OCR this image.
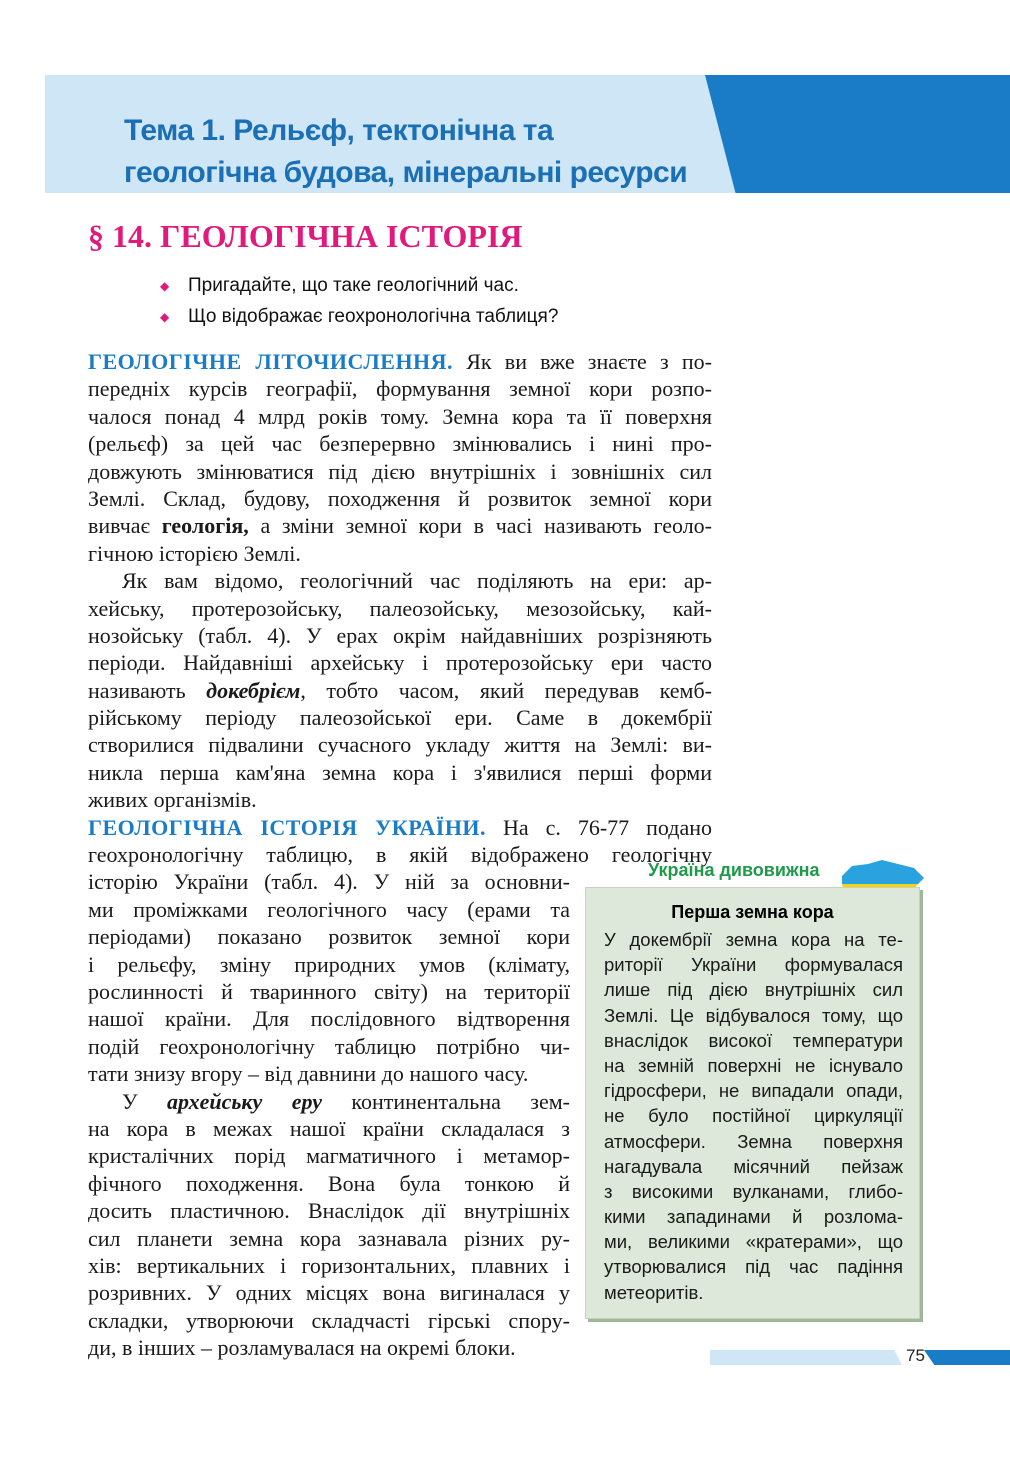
Тема 1. Рельєф, тектонічна та
геологічна будова, мінеральні ресурси
§ 14. ГЕОЛОГІЧНА ІСТОРІЯ
◆ Пригадайте, що таке геологічний час.
◆ Що відображає геохронологічна таблиця?
ГЕОЛОГІЧНЕ ЛІТОЧИСЛЕННЯ. Як ви вже знаєте з по-
передніх курсів географії, формування земної кори розпо-
чалося понад 4 млрд років тому. Земна кора та її поверхня
(рельєф) за цей час безперервно змінювались і нині про-
довжують змінюватися під дією внутрішніх і зовнішніх сил
Землі. Склад, будову, походження й розвиток земної кори
вивчає геологія, а зміни земної кори в часі називають геоло-
гічною історією Землі.
Як вам відомо, геологічний час поділяють на ери: ар-
хейську, протерозойську, палеозойську, мезозойську, кай-
нозойську (табл. 4). У ерах окрім найдавніших розрізняють
періоди. Найдавніші архейську і протерозойську ери часто
називають докебрієм, тобто часом, який передував кемб-
рійському періоду палеозойської ери. Саме в докембрії
створилися підвалини сучасного укладу життя на Землі: ви-
никла перша кам'яна земна кора і з'явилися перші форми
живих організмів.
ГЕОЛОГІЧНА ІСТОРІЯ УКРАЇНИ. На с. 76-77 подано
геохронологічну таблицю, в якій відображено геологічну
історію України (табл. 4). У ній за основни-
ми проміжками геологічного часу (ерами та
періодами) показано розвиток земної кори
і рельєфу, зміну природних умов (клімату,
рослинності й тваринного світу) на території
нашої країни. Для послідовного відтворення
подій геохронологічну таблицю потрібно чи-
тати знизу вгору – від давнини до нашого часу.
У архейську еру континентальна зем-
на кора в межах нашої країни складалася з
кристалічних порід магматичного і метамор-
фічного походження. Вона була тонкою й
досить пластичною. Внаслідок дії внутрішніх
сил планети земна кора зазнавала різних ру-
хів: вертикальних і горизонтальних, плавних і
розривних. У одних місцях вона вигиналася у
складки, утворюючи складчасті гірські спору-
ди, в інших – розламувалася на окремі блоки.
Україна дивовижна
Перша земна кора
У докембрії земна кора на те-
риторії України формувалася
лише під дією внутрішніх сил
Землі. Це відбувалося тому, що
внаслідок високої температури
на земній поверхні не існувало
гідросфери, не випадали опади,
не було постійної циркуляції
атмосфери. Земна поверхня
нагадувала місячний пейзаж
з високими вулканами, глибо-
кими западинами й розлома-
ми, великими «кратерами», що
утворювалися під час падіння
метеоритів.
75
